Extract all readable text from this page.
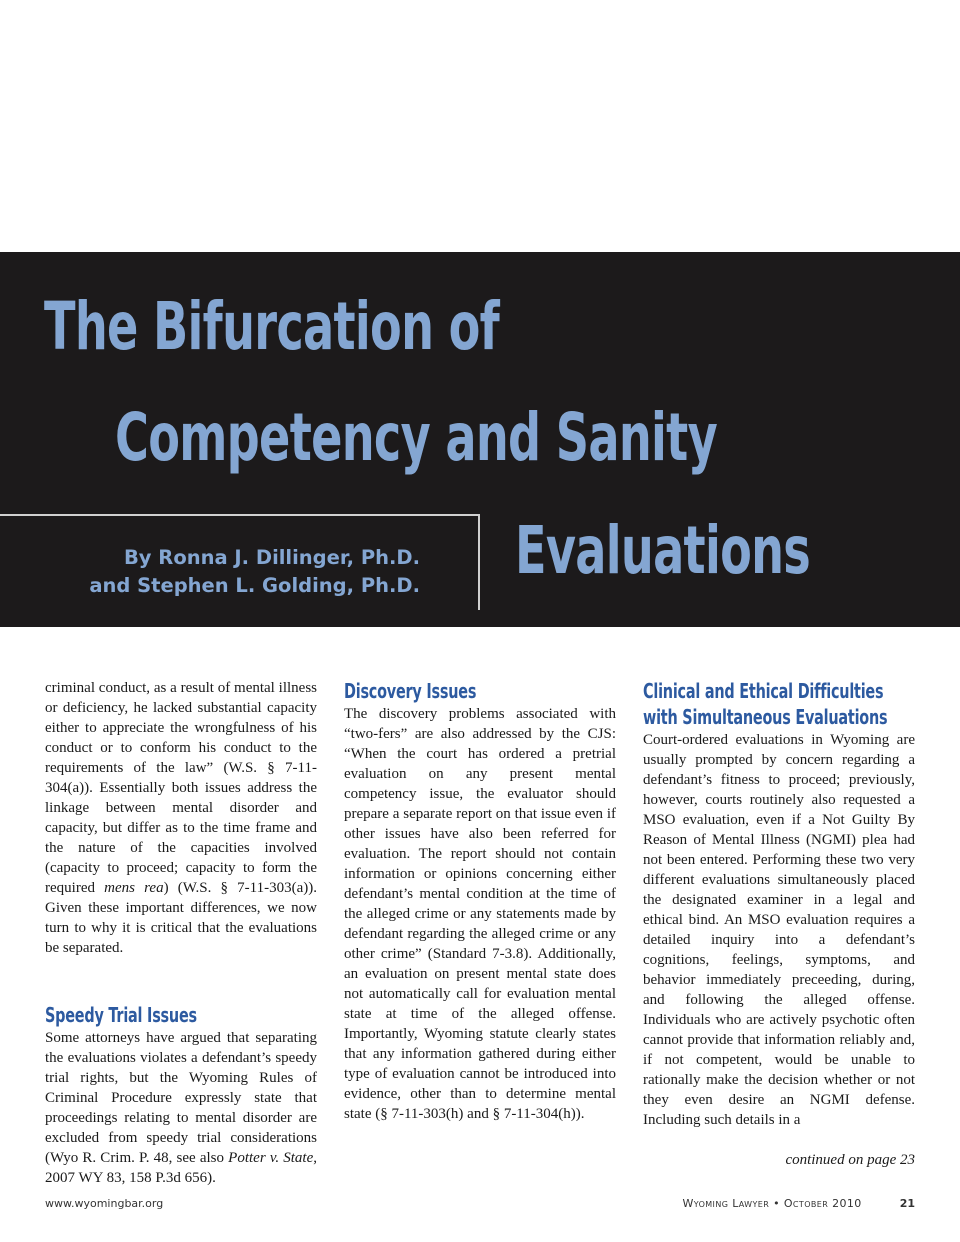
The Bifurcation of
Competency and Sanity
Evaluations
By Ronna J. Dillinger, Ph.D.
and Stephen L. Golding, Ph.D.

criminal conduct, as a result of mental illness or deficiency, he lacked substantial capacity either to appreciate the wrongfulness of his conduct or to conform his conduct to the requirements of the law” (W.S. § 7-11-304(a)). Essentially both issues address the linkage between mental disorder and capacity, but differ as to the time frame and the nature of the capacities involved (capacity to proceed; capacity to form the required mens rea) (W.S. § 7-11-303(a)). Given these important differences, we now turn to why it is critical that the evaluations be separated.

Speedy Trial Issues

Some attorneys have argued that separating the evaluations violates a defendant’s speedy trial rights, but the Wyoming Rules of Criminal Procedure expressly state that proceedings relating to mental disorder are excluded from speedy trial considerations (Wyo R. Crim. P. 48, see also Potter v. State, 2007 WY 83, 158 P.3d 656).

Discovery Issues

The discovery problems associated with “two-fers” are also addressed by the CJS: “When the court has ordered a pretrial evaluation on any present mental competency issue, the evaluator should prepare a separate report on that issue even if other issues have also been referred for evaluation. The report should not contain information or opinions concerning either defendant’s mental condition at the time of the alleged crime or any statements made by defendant regarding the alleged crime or any other crime” (Standard 7-3.8). Additionally, an evaluation on present mental state does not automatically call for evaluation mental state at time of the alleged offense. Importantly, Wyoming statute clearly states that any information gathered during either type of evaluation cannot be introduced into evidence, other than to determine mental state (§ 7-11-303(h) and § 7-11-304(h)).

Clinical and Ethical Difficulties
with Simultaneous Evaluations

Court-ordered evaluations in Wyoming are usually prompted by concern regarding a defendant’s fitness to proceed; previously, however, courts routinely also requested a MSO evaluation, even if a Not Guilty By Reason of Mental Illness (NGMI) plea had not been entered. Performing these two very different evaluations simultaneously placed the designated examiner in a legal and ethical bind. An MSO evaluation requires a detailed inquiry into a defendant’s cognitions, feelings, symptoms, and behavior immediately preceeding, during, and following the alleged offense. Individuals who are actively psychotic often cannot provide that information reliably and, if not competent, would be unable to rationally make the decision whether or not they even desire an NGMI defense. Including such details in a

continued on page 23
www.wyomingbar.org	Wyoming Lawyer • October 2010	21
